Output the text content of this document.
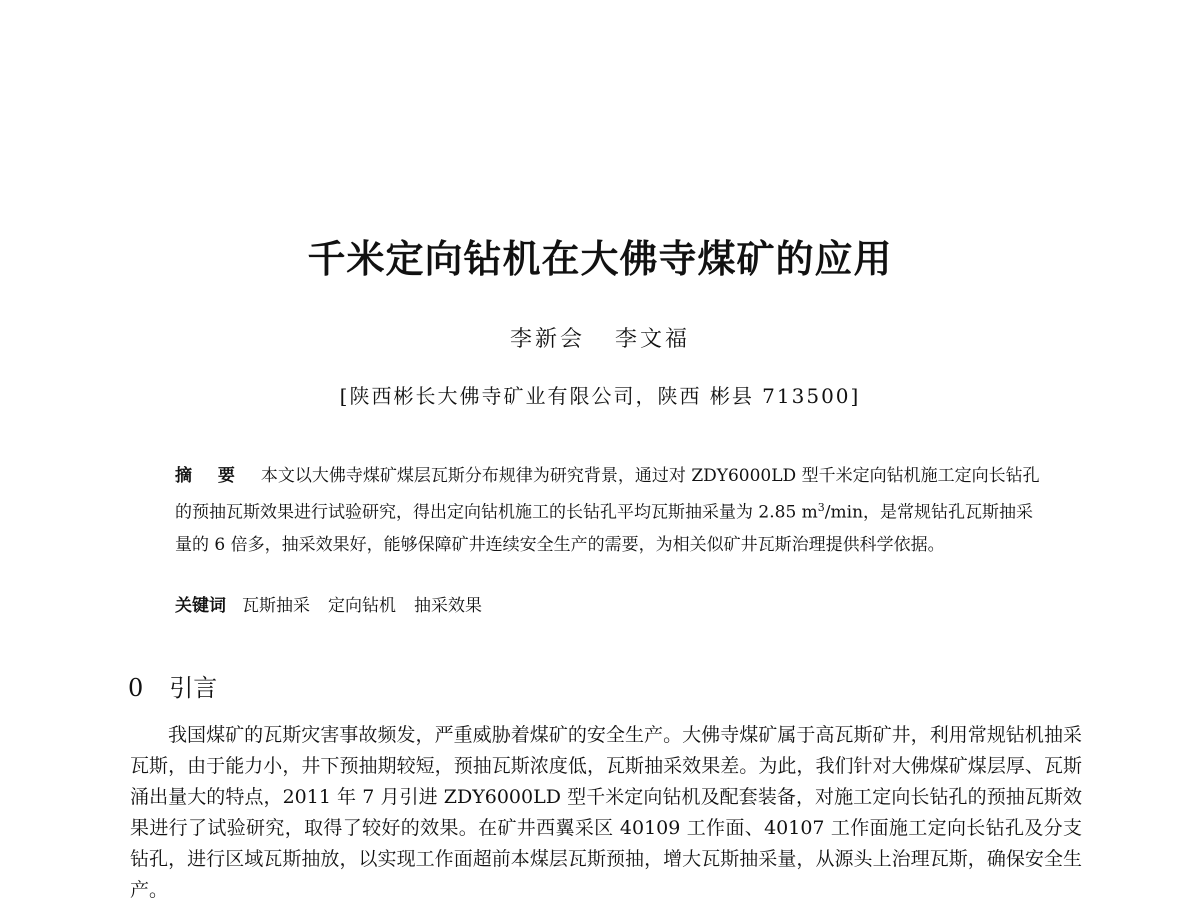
千米定向钻机在大佛寺煤矿的应用
李新会 李文福
[陕西彬长大佛寺矿业有限公司，陕西 彬县 713500]
摘 要 本文以大佛寺煤矿煤层瓦斯分布规律为研究背景，通过对 ZDY6000LD 型千米定向钻机施工定向长钻孔的预抽瓦斯效果进行试验研究，得出定向钻机施工的长钻孔平均瓦斯抽采量为 2.85 $m^3/\min$，是常规钻孔瓦斯抽采量的 6 倍多，抽采效果好，能够保障矿井连续安全生产的需要，为相关似矿井瓦斯治理提供科学依据。
关键词 瓦斯抽采 定向钻机 抽采效果
0 引言
我国煤矿的瓦斯灾害事故频发，严重威胁着煤矿的安全生产。大佛寺煤矿属于高瓦斯矿井，利用常规钻机抽采瓦斯，由于能力小，井下预抽期较短，预抽瓦斯浓度低，瓦斯抽采效果差。为此，我们针对大佛煤矿煤层厚、瓦斯涌出量大的特点，2011 年 7 月引进 ZDY6000LD 型千米定向钻机及配套装备，对施工定向长钻孔的预抽瓦斯效果进行了试验研究，取得了较好的效果。在矿井西翼采区 40109 工作面、40107 工作面施工定向长钻孔及分支钻孔，进行区域瓦斯抽放，以实现工作面超前本煤层瓦斯预抽，增大瓦斯抽采量，从源头上治理瓦斯，确保安全生产。
